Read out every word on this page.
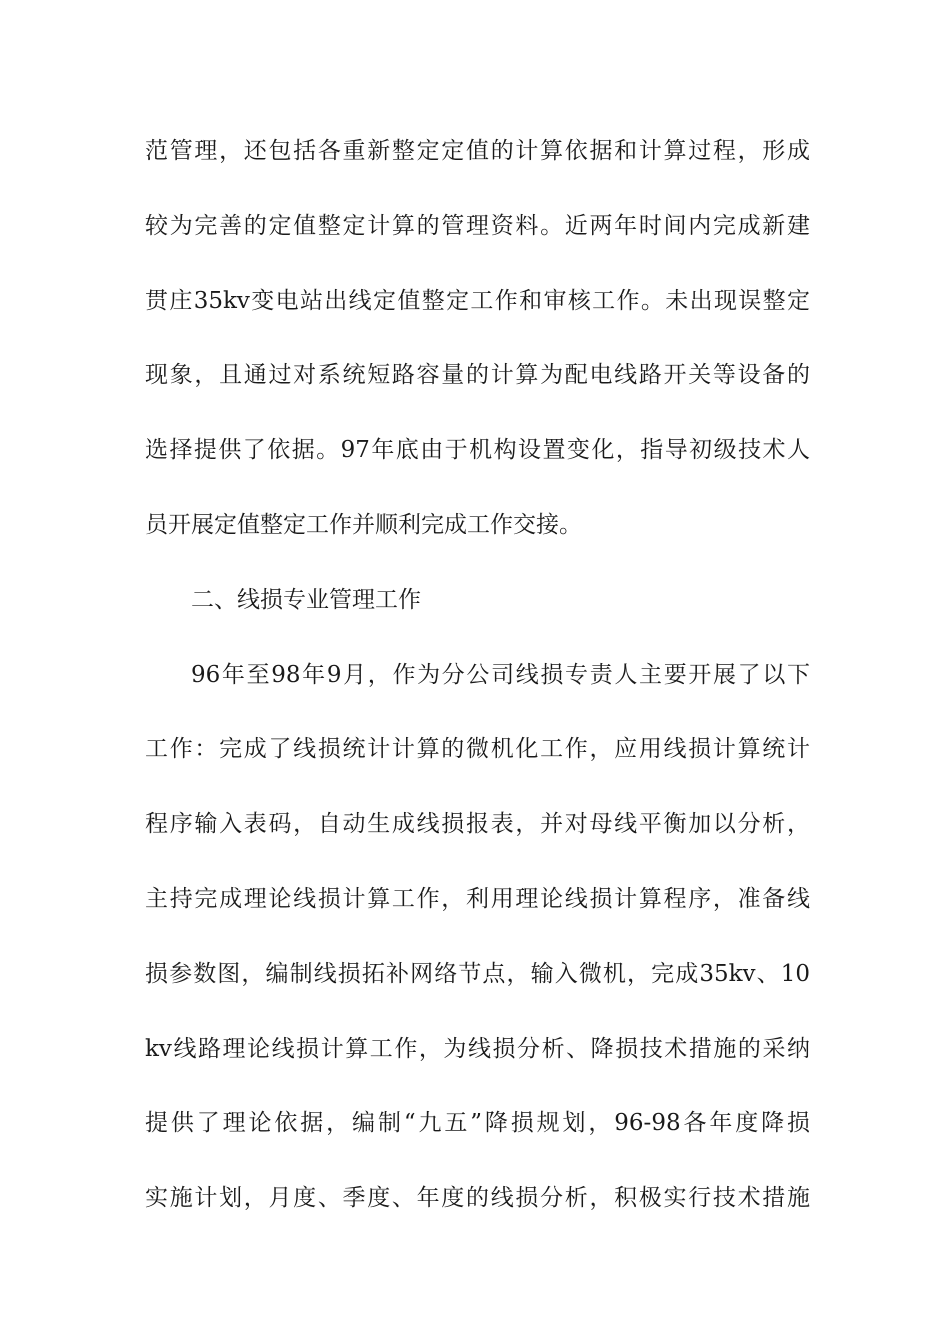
范管理，还包括各重新整定定值的计算依据和计算过程，形成
较为完善的定值整定计算的管理资料。近两年时间内完成新建
贯庄35kv变电站出线定值整定工作和审核工作。未出现误整定
现象，且通过对系统短路容量的计算为配电线路开关等设备的
选择提供了依据。97年底由于机构设置变化，指导初级技术人
员开展定值整定工作并顺利完成工作交接。
二、线损专业管理工作
96年至98年9月，作为分公司线损专责人主要开展了以下
工作：完成了线损统计计算的微机化工作，应用线损计算统计
程序输入表码，自动生成线损报表，并对母线平衡加以分析，
主持完成理论线损计算工作，利用理论线损计算程序，准备线
损参数图，编制线损拓补网络节点，输入微机，完成35kv、10
kv线路理论线损计算工作，为线损分析、降损技术措施的采纳
提供了理论依据，编制“九五”降损规划，96-98各年度降损
实施计划，月度、季度、年度的线损分析，积极实行技术措施
